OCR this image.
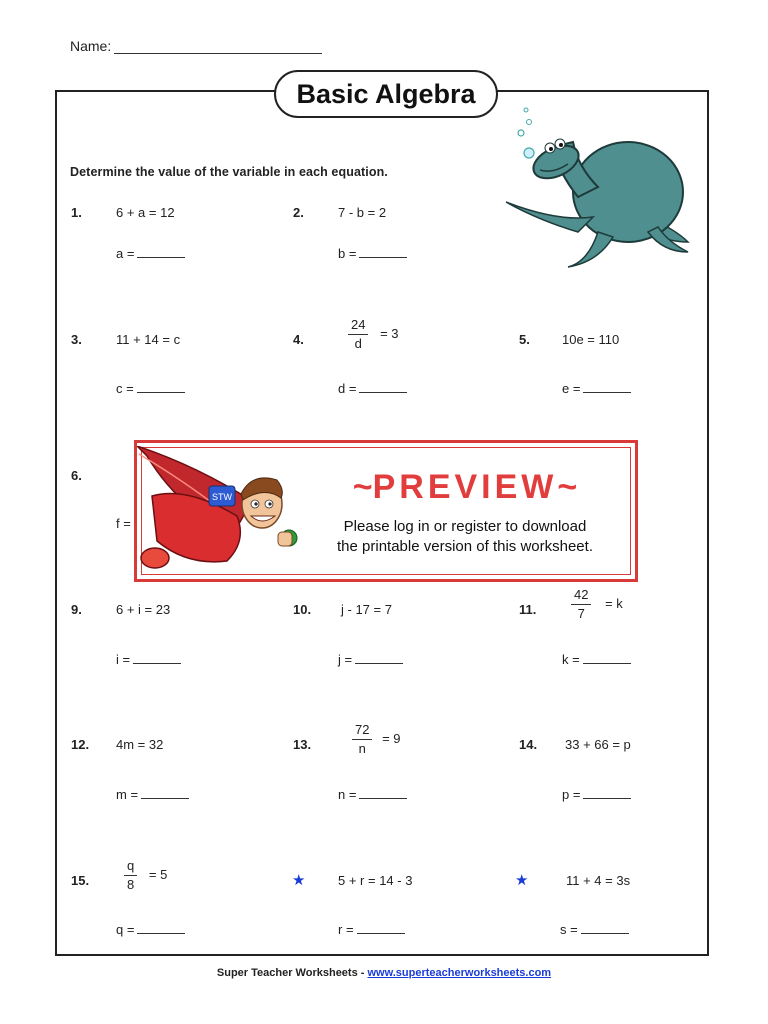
Name:
Basic Algebra
Determine the value of the variable in each equation.
1.	6 + a = 12
a =
2.	7 - b = 2
b =
3.	11 + 14 = c
c =
4.	$\frac{24}{d} = 3$
d =
5. 10e = 110
e =
6.
f =
STW	~PREVIEW~
Please log in or register to download
the printable version of this worksheet.
9.	6 + i = 23
i =
10. j - 17 = 7
j =
11.	$\frac{42}{7} = k$
k =
12. 4m = 32
m =
13.	$\frac{72}{n} = 9$
n =
14. 33 + 66 = p
p =
15.	$\frac{q}{8} = 5$
q =
★	5 + r = 14 - 3
r =
★	11 + 4 = 3s
s =
Super Teacher Worksheets - www.superteacherworksheets.com
